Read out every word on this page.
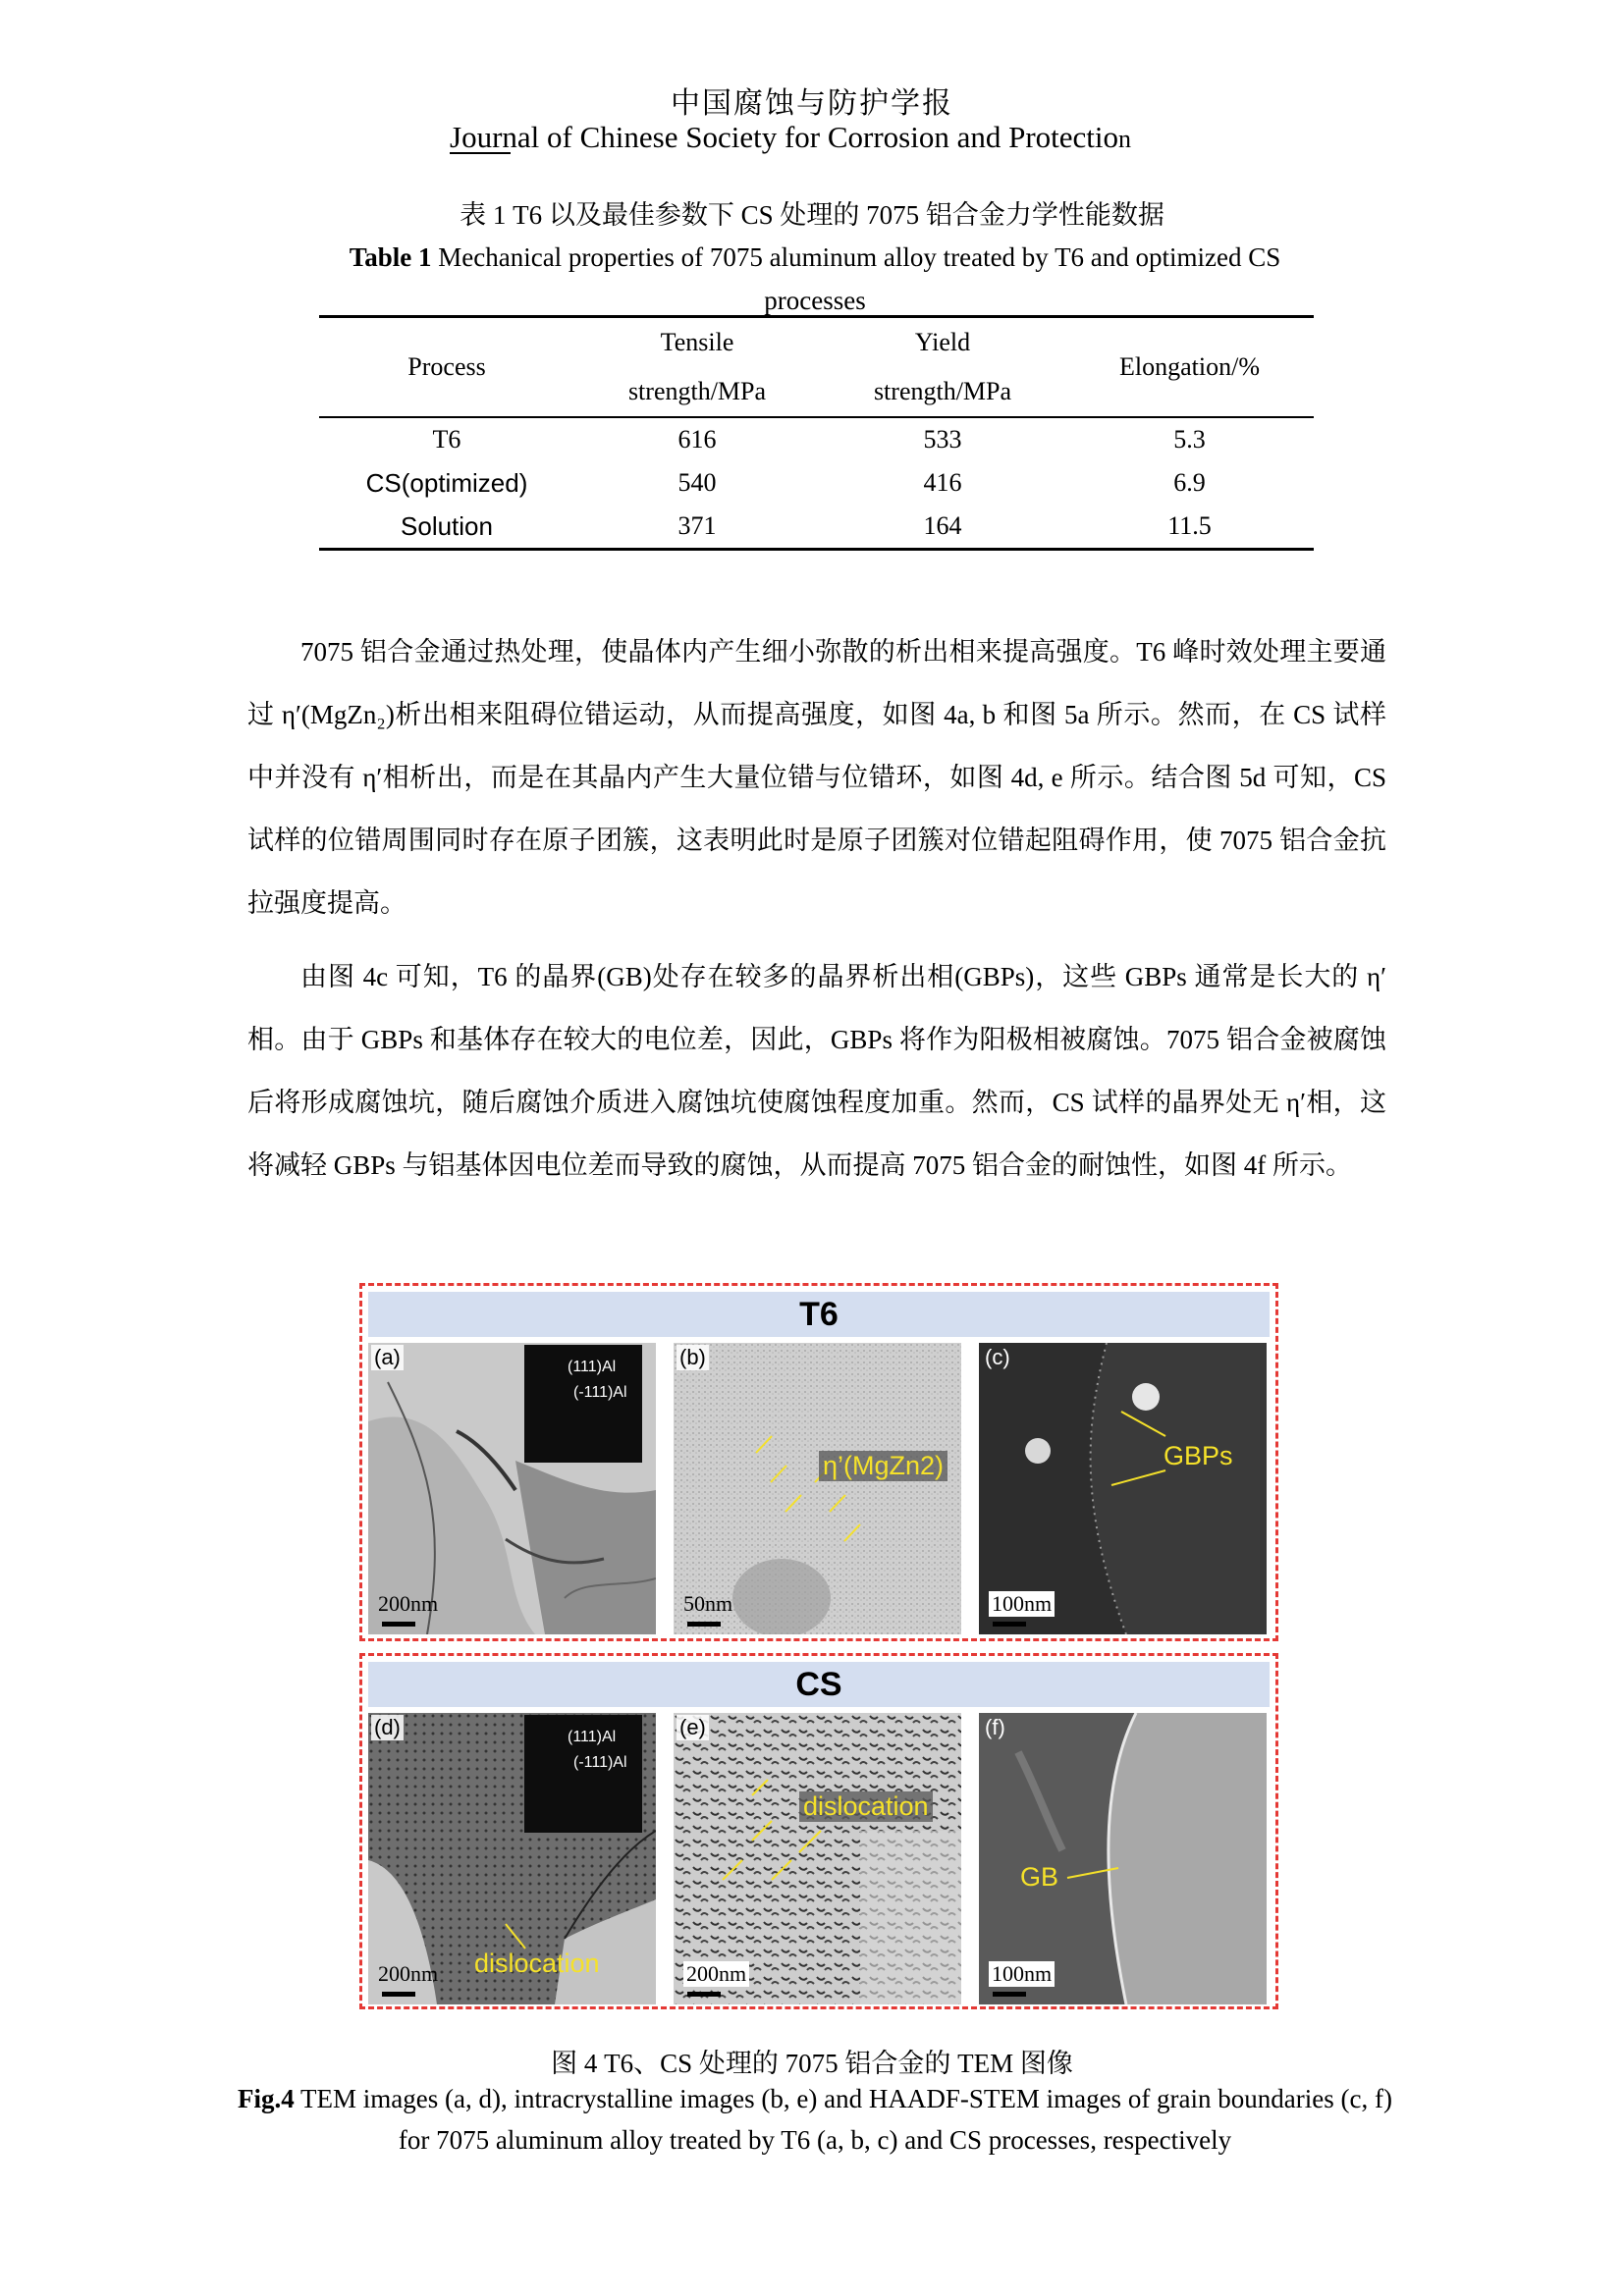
中国腐蚀与防护学报
Journal of Chinese Society for Corrosion and Protection
表 1 T6 以及最佳参数下 CS 处理的 7075 铝合金力学性能数据
Table 1 Mechanical properties of 7075 aluminum alloy treated by T6 and optimized CS processes
Process	Tensile	Yield	Elongation/%
	strength/MPa	strength/MPa	
T6	616	533	5.3
CS(optimized)	540	416	6.9
Solution	371	164	11.5
7075 铝合金通过热处理，使晶体内产生细小弥散的析出相来提高强度。T6 峰时效处理主要通过 η′(MgZn₂)析出相来阻碍位错运动，从而提高强度，如图 4a, b 和图 5a 所示。然而，在 CS 试样中并没有 η′相析出，而是在其晶内产生大量位错与位错环，如图 4d, e 所示。结合图 5d 可知，CS 试样的位错周围同时存在原子团簇，这表明此时是原子团簇对位错起阻碍作用，使 7075 铝合金抗拉强度提高。
由图 4c 可知，T6 的晶界(GB)处存在较多的晶界析出相(GBPs)，这些 GBPs 通常是长大的 η′相。由于 GBPs 和基体存在较大的电位差，因此，GBPs 将作为阳极相被腐蚀。7075 铝合金被腐蚀后将形成腐蚀坑，随后腐蚀介质进入腐蚀坑使腐蚀程度加重。然而，CS 试样的晶界处无 η′相，这将减轻 GBPs 与铝基体因电位差而导致的腐蚀，从而提高 7075 铝合金的耐蚀性，如图 4f 所示。
T6
(111)Al
(-111)Al
(a)
200nm
η’(MgZn2)
(b)
50nm
GBPs
(c)
100nm
CS
(111)Al
(-111)Al
dislocation
(d)
200nm
dislocation
(e)
200nm
GB
(f)
100nm
图 4 T6、CS 处理的 7075 铝合金的 TEM 图像
Fig.4 TEM images (a, d), intracrystalline images (b, e) and HAADF-STEM images of grain boundaries (c, f) for 7075 aluminum alloy treated by T6 (a, b, c) and CS processes, respectively
